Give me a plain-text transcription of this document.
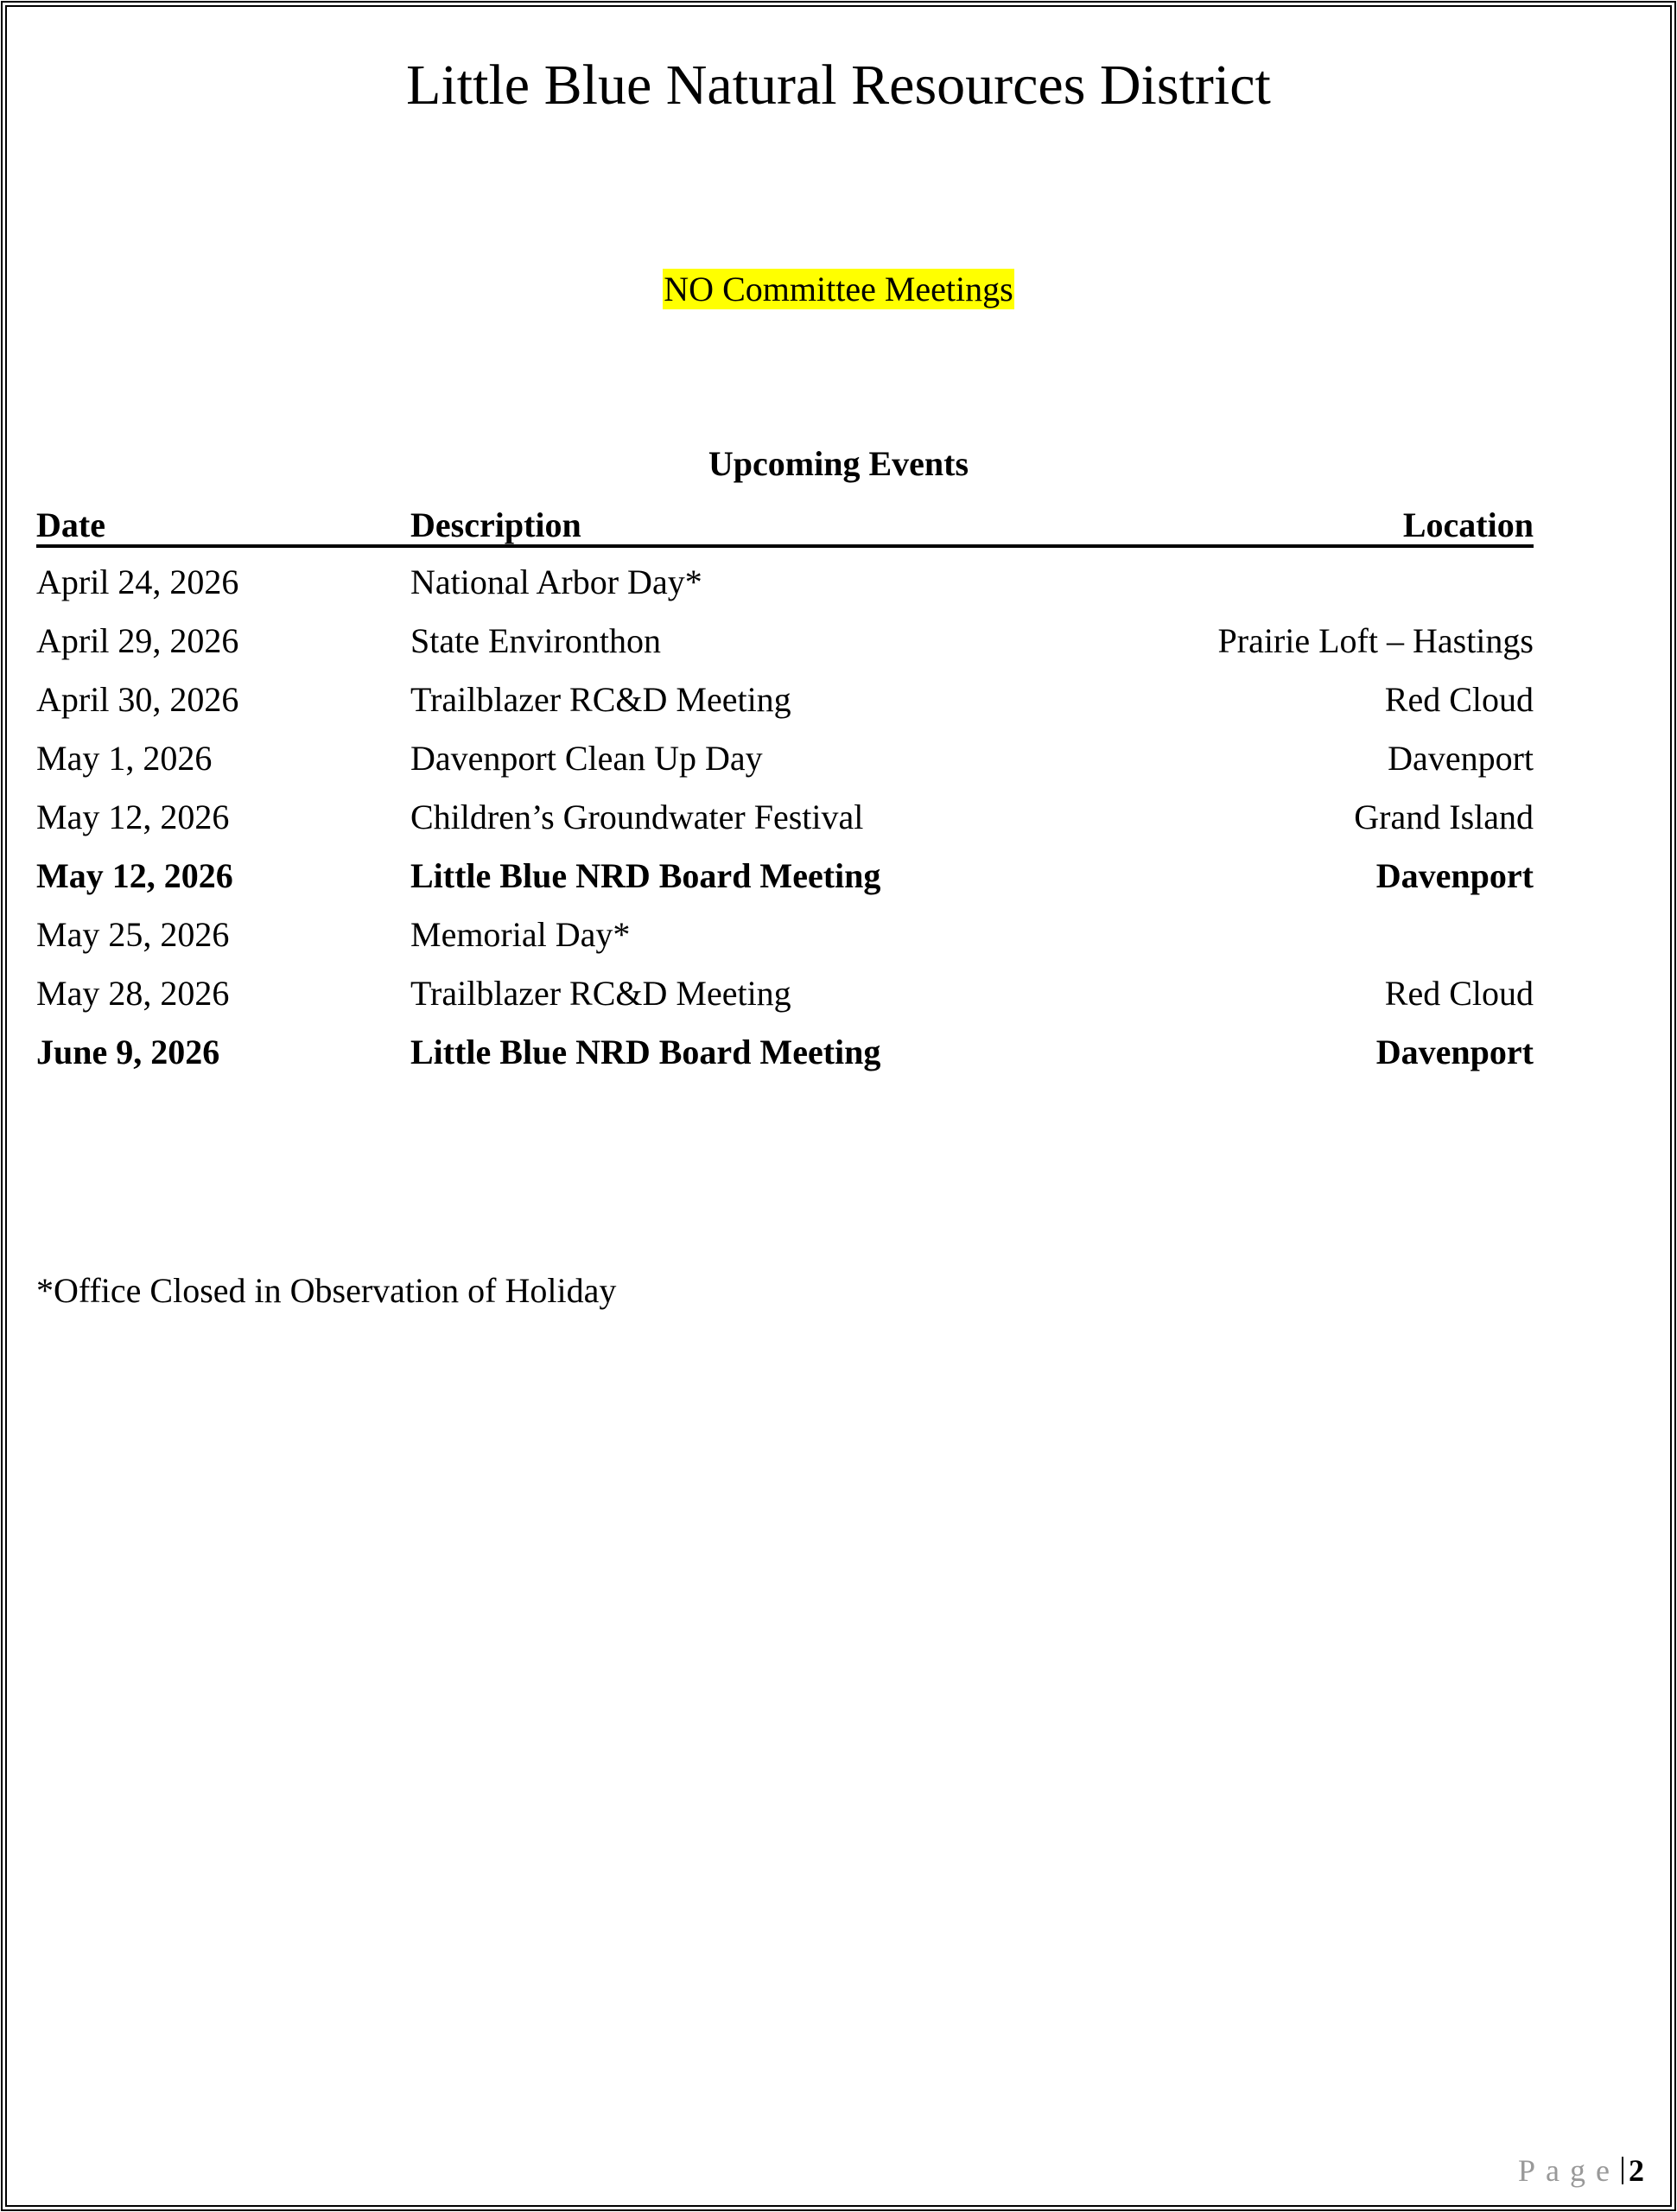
Little Blue Natural Resources District
NO Committee Meetings
Upcoming Events
Date	Description	Location
April 24, 2026	National Arbor Day*
April 29, 2026	State Environthon	Prairie Loft – Hastings
April 30, 2026	Trailblazer RC&D Meeting	Red Cloud
May 1, 2026	Davenport Clean Up Day	Davenport
May 12, 2026	Children’s Groundwater Festival	Grand Island
May 12, 2026	Little Blue NRD Board Meeting	Davenport
May 25, 2026	Memorial Day*
May 28, 2026	Trailblazer RC&D Meeting	Red Cloud
June 9, 2026	Little Blue NRD Board Meeting	Davenport
*Office Closed in Observation of Holiday
Page 2
